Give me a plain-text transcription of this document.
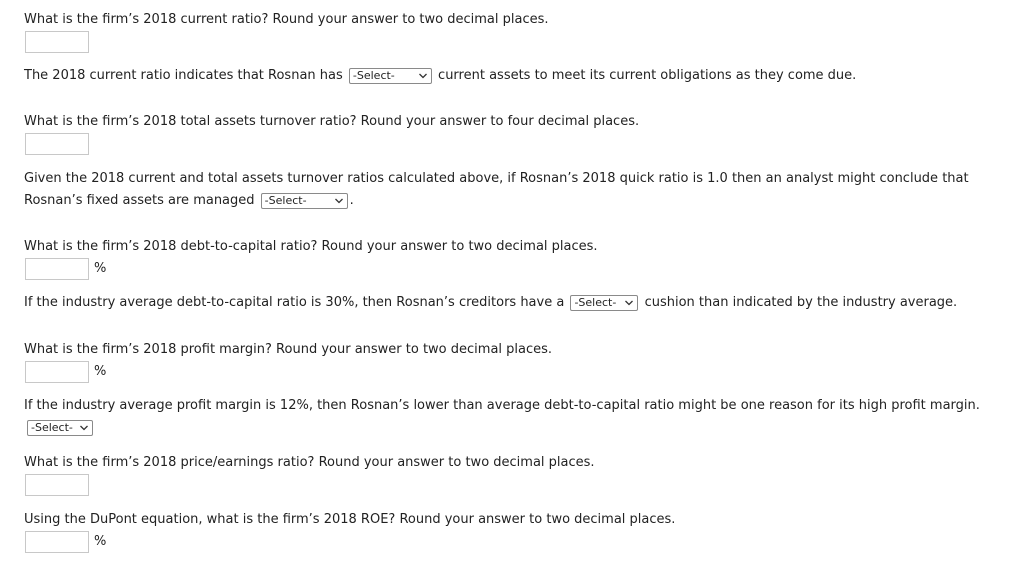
What is the firm’s 2018 current ratio? Round your answer to two decimal places.
The 2018 current ratio indicates that Rosnan has -Select-	current assets to meet its current obligations as they come due.
What is the firm’s 2018 total assets turnover ratio? Round your answer to four decimal places.
Given the 2018 current and total assets turnover ratios calculated above, if Rosnan’s 2018 quick ratio is 1.0 then an analyst might conclude that
Rosnan’s fixed assets are managed -Select-	.
What is the firm’s 2018 debt-to-capital ratio? Round your answer to two decimal places.
%
If the industry average debt-to-capital ratio is 30%, then Rosnan’s creditors have a -Select- cushion than indicated by the industry average.
What is the firm’s 2018 profit margin? Round your answer to two decimal places.
%
If the industry average profit margin is 12%, then Rosnan’s lower than average debt-to-capital ratio might be one reason for its high profit margin.
-Select-
What is the firm’s 2018 price/earnings ratio? Round your answer to two decimal places.
Using the DuPont equation, what is the firm’s 2018 ROE? Round your answer to two decimal places.
%
